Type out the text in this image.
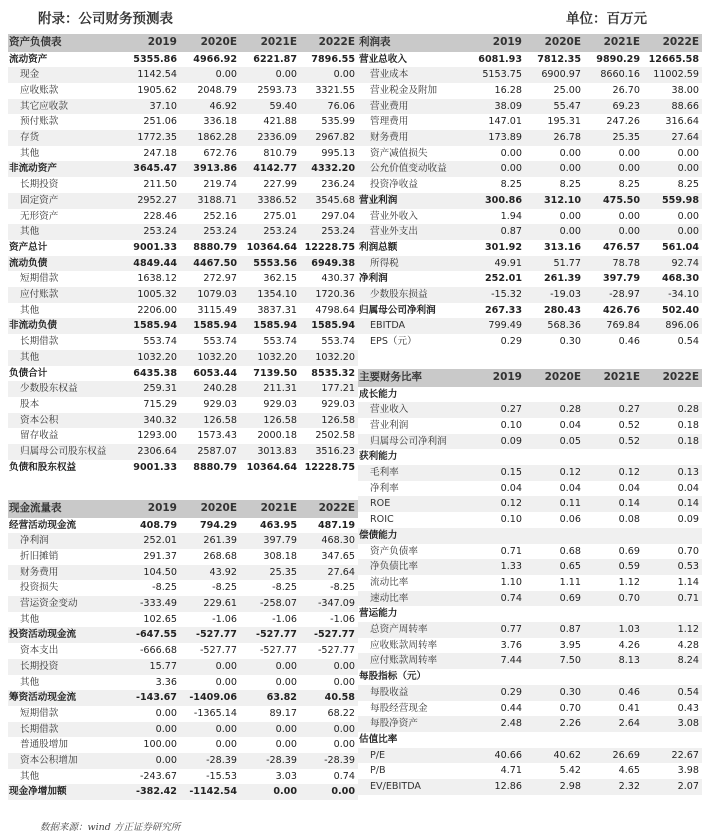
附录：公司财务预测表	单位：百万元
资产负债表	2019	2020E	2021E	2022E
流动资产	5355.86	4966.92	6221.87	7896.55
现金	1142.54	0.00	0.00	0.00
应收账款	1905.62	2048.79	2593.73	3321.55
其它应收款	37.10	46.92	59.40	76.06
预付账款	251.06	336.18	421.88	535.99
存货	1772.35	1862.28	2336.09	2967.82
其他	247.18	672.76	810.79	995.13
非流动资产	3645.47	3913.86	4142.77	4332.20
长期投资	211.50	219.74	227.99	236.24
固定资产	2952.27	3188.71	3386.52	3545.68
无形资产	228.46	252.16	275.01	297.04
其他	253.24	253.24	253.24	253.24
资产总计	9001.33	8880.79	10364.64	12228.75
流动负债	4849.44	4467.50	5553.56	6949.38
短期借款	1638.12	272.97	362.15	430.37
应付账款	1005.32	1079.03	1354.10	1720.36
其他	2206.00	3115.49	3837.31	4798.64
非流动负债	1585.94	1585.94	1585.94	1585.94
长期借款	553.74	553.74	553.74	553.74
其他	1032.20	1032.20	1032.20	1032.20
负债合计	6435.38	6053.44	7139.50	8535.32
少数股东权益	259.31	240.28	211.31	177.21
股本	715.29	929.03	929.03	929.03
资本公积	340.32	126.58	126.58	126.58
留存收益	1293.00	1573.43	2000.18	2502.58
归属母公司股东权益	2306.64	2587.07	3013.83	3516.23
负债和股东权益	9001.33	8880.79	10364.64	12228.75
现金流量表	2019	2020E	2021E	2022E
经营活动现金流	408.79	794.29	463.95	487.19
净利润	252.01	261.39	397.79	468.30
折旧摊销	291.37	268.68	308.18	347.65
财务费用	104.50	43.92	25.35	27.64
投资损失	-8.25	-8.25	-8.25	-8.25
营运资金变动	-333.49	229.61	-258.07	-347.09
其他	102.65	-1.06	-1.06	-1.06
投资活动现金流	-647.55	-527.77	-527.77	-527.77
资本支出	-666.68	-527.77	-527.77	-527.77
长期投资	15.77	0.00	0.00	0.00
其他	3.36	0.00	0.00	0.00
筹资活动现金流	-143.67	-1409.06	63.82	40.58
短期借款	0.00	-1365.14	89.17	68.22
长期借款	0.00	0.00	0.00	0.00
普通股增加	100.00	0.00	0.00	0.00
资本公积增加	0.00	-28.39	-28.39	-28.39
其他	-243.67	-15.53	3.03	0.74
现金净增加额	-382.42	-1142.54	0.00	0.00
利润表	2019	2020E	2021E	2022E
营业总收入	6081.93	7812.35	9890.29	12665.58
营业成本	5153.75	6900.97	8660.16	11002.59
营业税金及附加	16.28	25.00	26.70	38.00
营业费用	38.09	55.47	69.23	88.66
管理费用	147.01	195.31	247.26	316.64
财务费用	173.89	26.78	25.35	27.64
资产减值损失	0.00	0.00	0.00	0.00
公允价值变动收益	0.00	0.00	0.00	0.00
投资净收益	8.25	8.25	8.25	8.25
营业利润	300.86	312.10	475.50	559.98
营业外收入	1.94	0.00	0.00	0.00
营业外支出	0.87	0.00	0.00	0.00
利润总额	301.92	313.16	476.57	561.04
所得税	49.91	51.77	78.78	92.74
净利润	252.01	261.39	397.79	468.30
少数股东损益	-15.32	-19.03	-28.97	-34.10
归属母公司净利润	267.33	280.43	426.76	502.40
EBITDA	799.49	568.36	769.84	896.06
EPS（元）	0.29	0.30	0.46	0.54
主要财务比率	2019	2020E	2021E	2022E
成长能力				
营业收入	0.27	0.28	0.27	0.28
营业利润	0.10	0.04	0.52	0.18
归属母公司净利润	0.09	0.05	0.52	0.18
获利能力				
毛利率	0.15	0.12	0.12	0.13
净利率	0.04	0.04	0.04	0.04
ROE	0.12	0.11	0.14	0.14
ROIC	0.10	0.06	0.08	0.09
偿债能力				
资产负债率	0.71	0.68	0.69	0.70
净负债比率	1.33	0.65	0.59	0.53
流动比率	1.10	1.11	1.12	1.14
速动比率	0.74	0.69	0.70	0.71
营运能力				
总资产周转率	0.77	0.87	1.03	1.12
应收账款周转率	3.76	3.95	4.26	4.28
应付账款周转率	7.44	7.50	8.13	8.24
每股指标（元）				
每股收益	0.29	0.30	0.46	0.54
每股经营现金	0.44	0.70	0.41	0.43
每股净资产	2.48	2.26	2.64	3.08
估值比率				
P/E	40.66	40.62	26.69	22.67
P/B	4.71	5.42	4.65	3.98
EV/EBITDA	12.86	2.98	2.32	2.07
数据来源：wind 方正证券研究所
